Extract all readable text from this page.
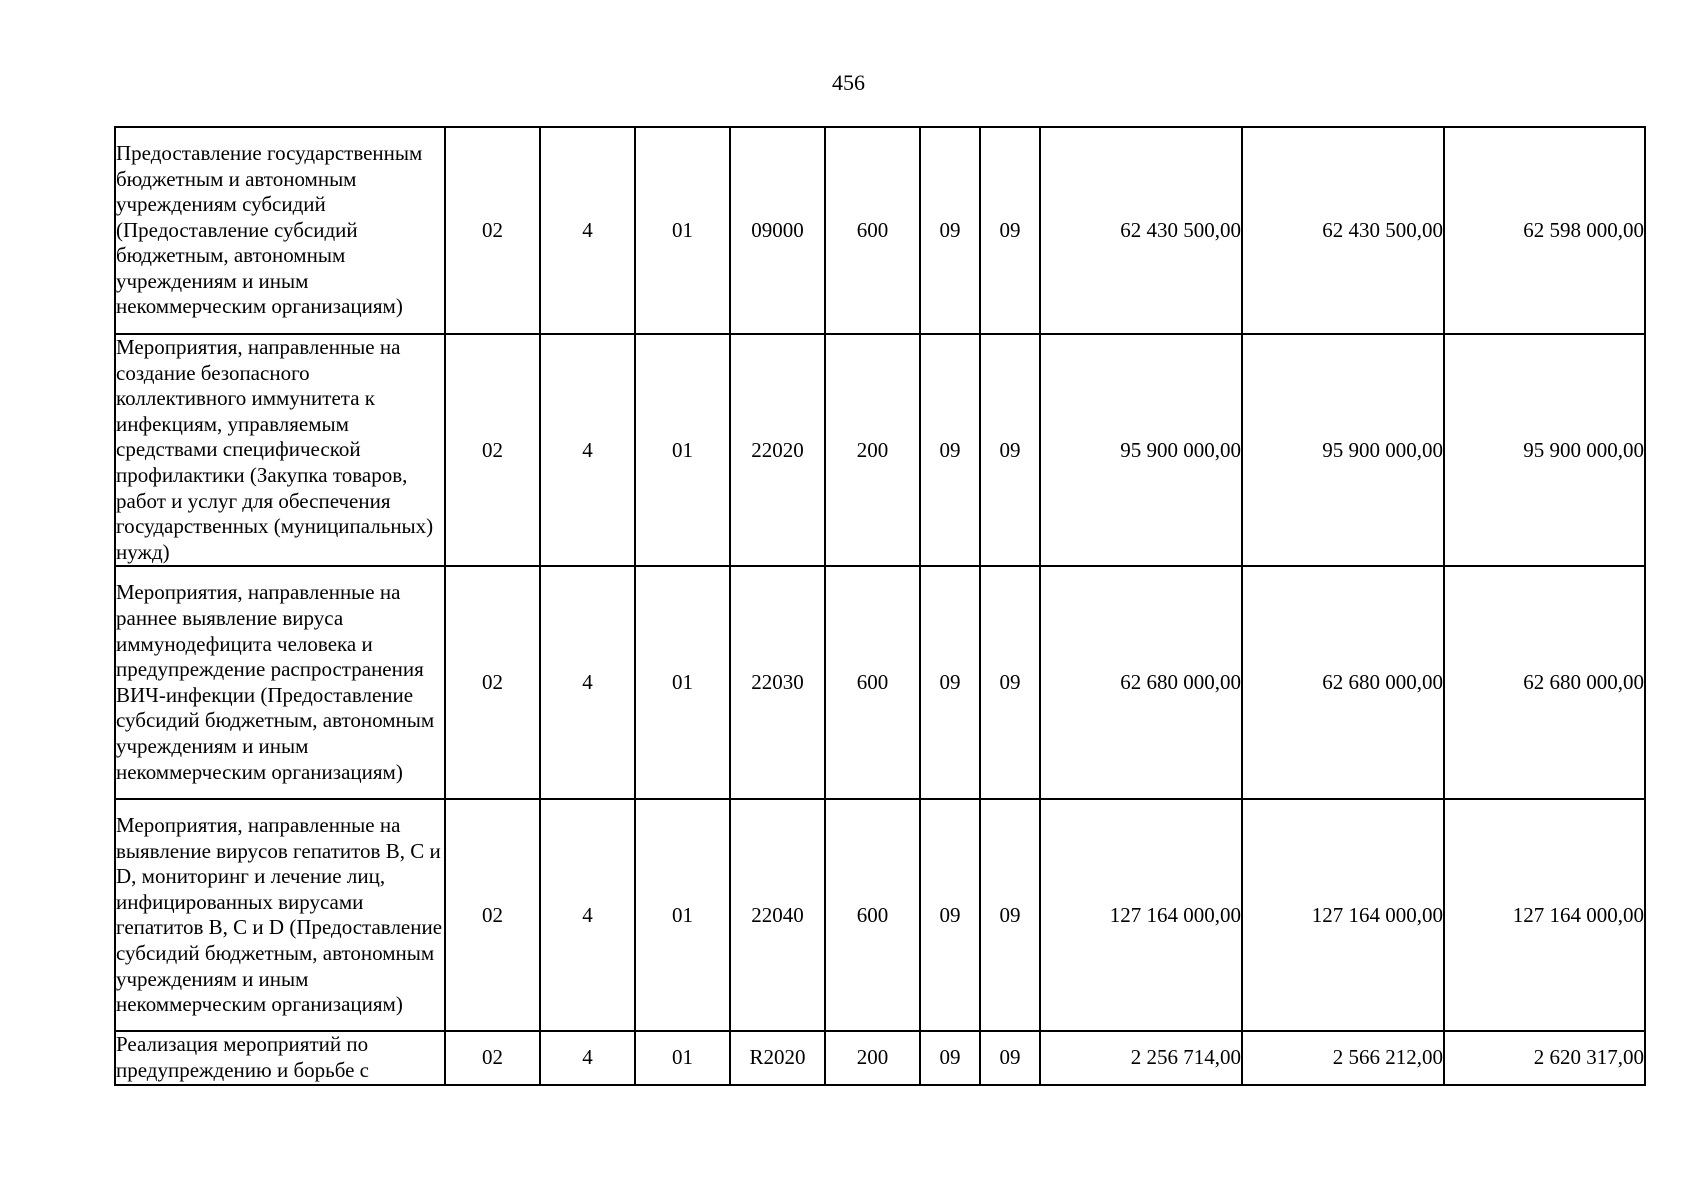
456
Предоставление государственным бюджетным и автономным учреждениям субсидий (Предоставление субсидий бюджетным, автономным учреждениям и иным некоммерческим организациям)	02	4	01	09000	600	09	09	62 430 500,00	62 430 500,00	62 598 000,00
Мероприятия, направленные на создание безопасного коллективного иммунитета к инфекциям, управляемым средствами специфической профилактики (Закупка товаров, работ и услуг для обеспечения государственных (муниципальных) нужд)	02	4	01	22020	200	09	09	95 900 000,00	95 900 000,00	95 900 000,00
Мероприятия, направленные на раннее выявление вируса иммунодефицита человека и предупреждение распространения ВИЧ-инфекции (Предоставление субсидий бюджетным, автономным учреждениям и иным некоммерческим организациям)	02	4	01	22030	600	09	09	62 680 000,00	62 680 000,00	62 680 000,00
Мероприятия, направленные на выявление вирусов гепатитов B, C и D, мониторинг и лечение лиц, инфицированных вирусами гепатитов B, C и D (Предоставление субсидий бюджетным, автономным учреждениям и иным некоммерческим организациям)	02	4	01	22040	600	09	09	127 164 000,00	127 164 000,00	127 164 000,00
Реализация мероприятий по предупреждению и борьбе с	02	4	01	R2020	200	09	09	2 256 714,00	2 566 212,00	2 620 317,00
